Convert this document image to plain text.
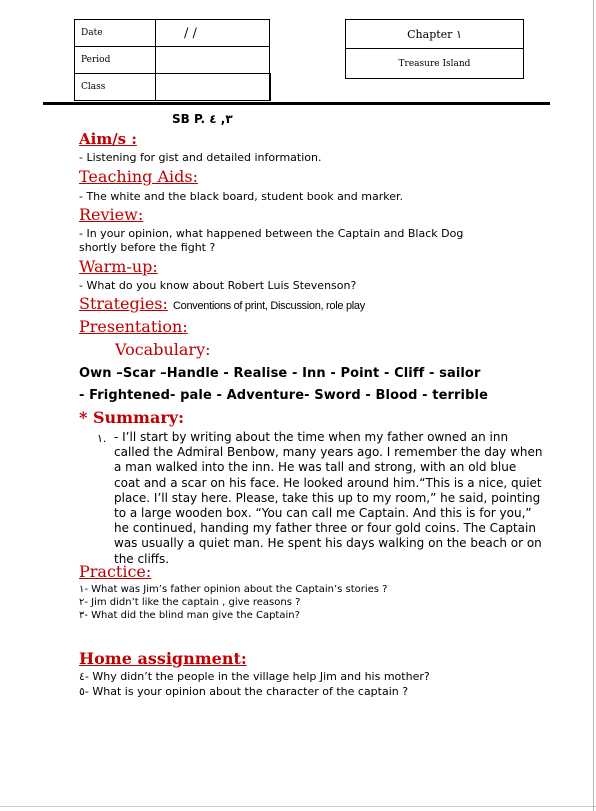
Date	/ /
Period	
Class	
Chapter ١
Treasure Island
SB P. ٣, ٤
Aim/s :
- Listening for gist and detailed information.
Teaching Aids:
- The white and the black board, student book and marker.
Review:
- In your opinion, what happened between the Captain and Black Dog
shortly before the fight ?
Warm-up:
- What do you know about Robert Luis Stevenson?
Strategies: Conventions of print, Discussion, role play
Presentation:
Vocabulary:
Own –Scar –Handle - Realise - Inn - Point - Cliff - sailor
- Frightened- pale - Adventure- Sword - Blood - terrible
* Summary:
١. - I’ll start by writing about the time when my father owned an inn called the Admiral Benbow, many years ago. I remember the day when a man walked into the inn. He was tall and strong, with an old blue coat and a scar on his face. He looked around him.“This is a nice, quiet place. I’ll stay here. Please, take this up to my room,” he said, pointing to a large wooden box. “You can call me Captain. And this is for you,” he continued, handing my father three or four gold coins. The Captain was usually a quiet man. He spent his days walking on the beach or on the cliffs.
Practice:
١- What was Jim’s father opinion about the Captain’s stories ?
٢- Jim didn’t like the captain , give reasons ?
٣- What did the blind man give the Captain?
Home assignment:
٤- Why didn’t the people in the village help Jim and his mother?
٥- What is your opinion about the character of the captain ?
